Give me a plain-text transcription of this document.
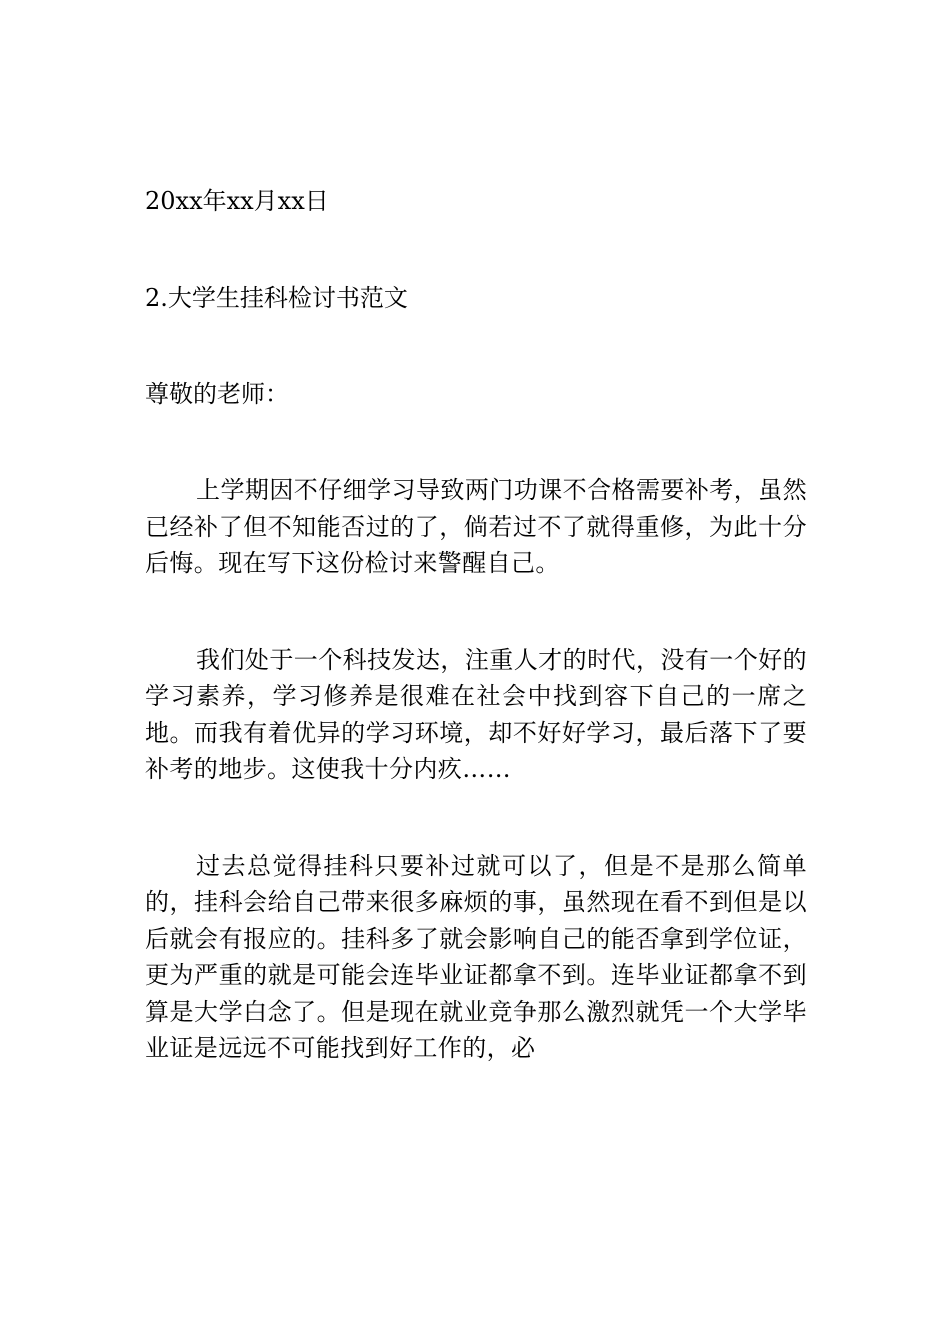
20xx年xx月xx日

2.大学生挂科检讨书范文

尊敬的老师：

上学期因不仔细学习导致两门功课不合格需要补考，虽然已经补了但不知能否过的了，倘若过不了就得重修，为此十分后悔。现在写下这份检讨来警醒自己。

我们处于一个科技发达，注重人才的时代，没有一个好的学习素养，学习修养是很难在社会中找到容下自己的一席之地。而我有着优异的学习环境，却不好好学习，最后落下了要补考的地步。这使我十分内疚……

过去总觉得挂科只要补过就可以了，但是不是那么简单的，挂科会给自己带来很多麻烦的事，虽然现在看不到但是以后就会有报应的。挂科多了就会影响自己的能否拿到学位证，更为严重的就是可能会连毕业证都拿不到。连毕业证都拿不到算是大学白念了。但是现在就业竞争那么激烈就凭一个大学毕业证是远远不可能找到好工作的，必
